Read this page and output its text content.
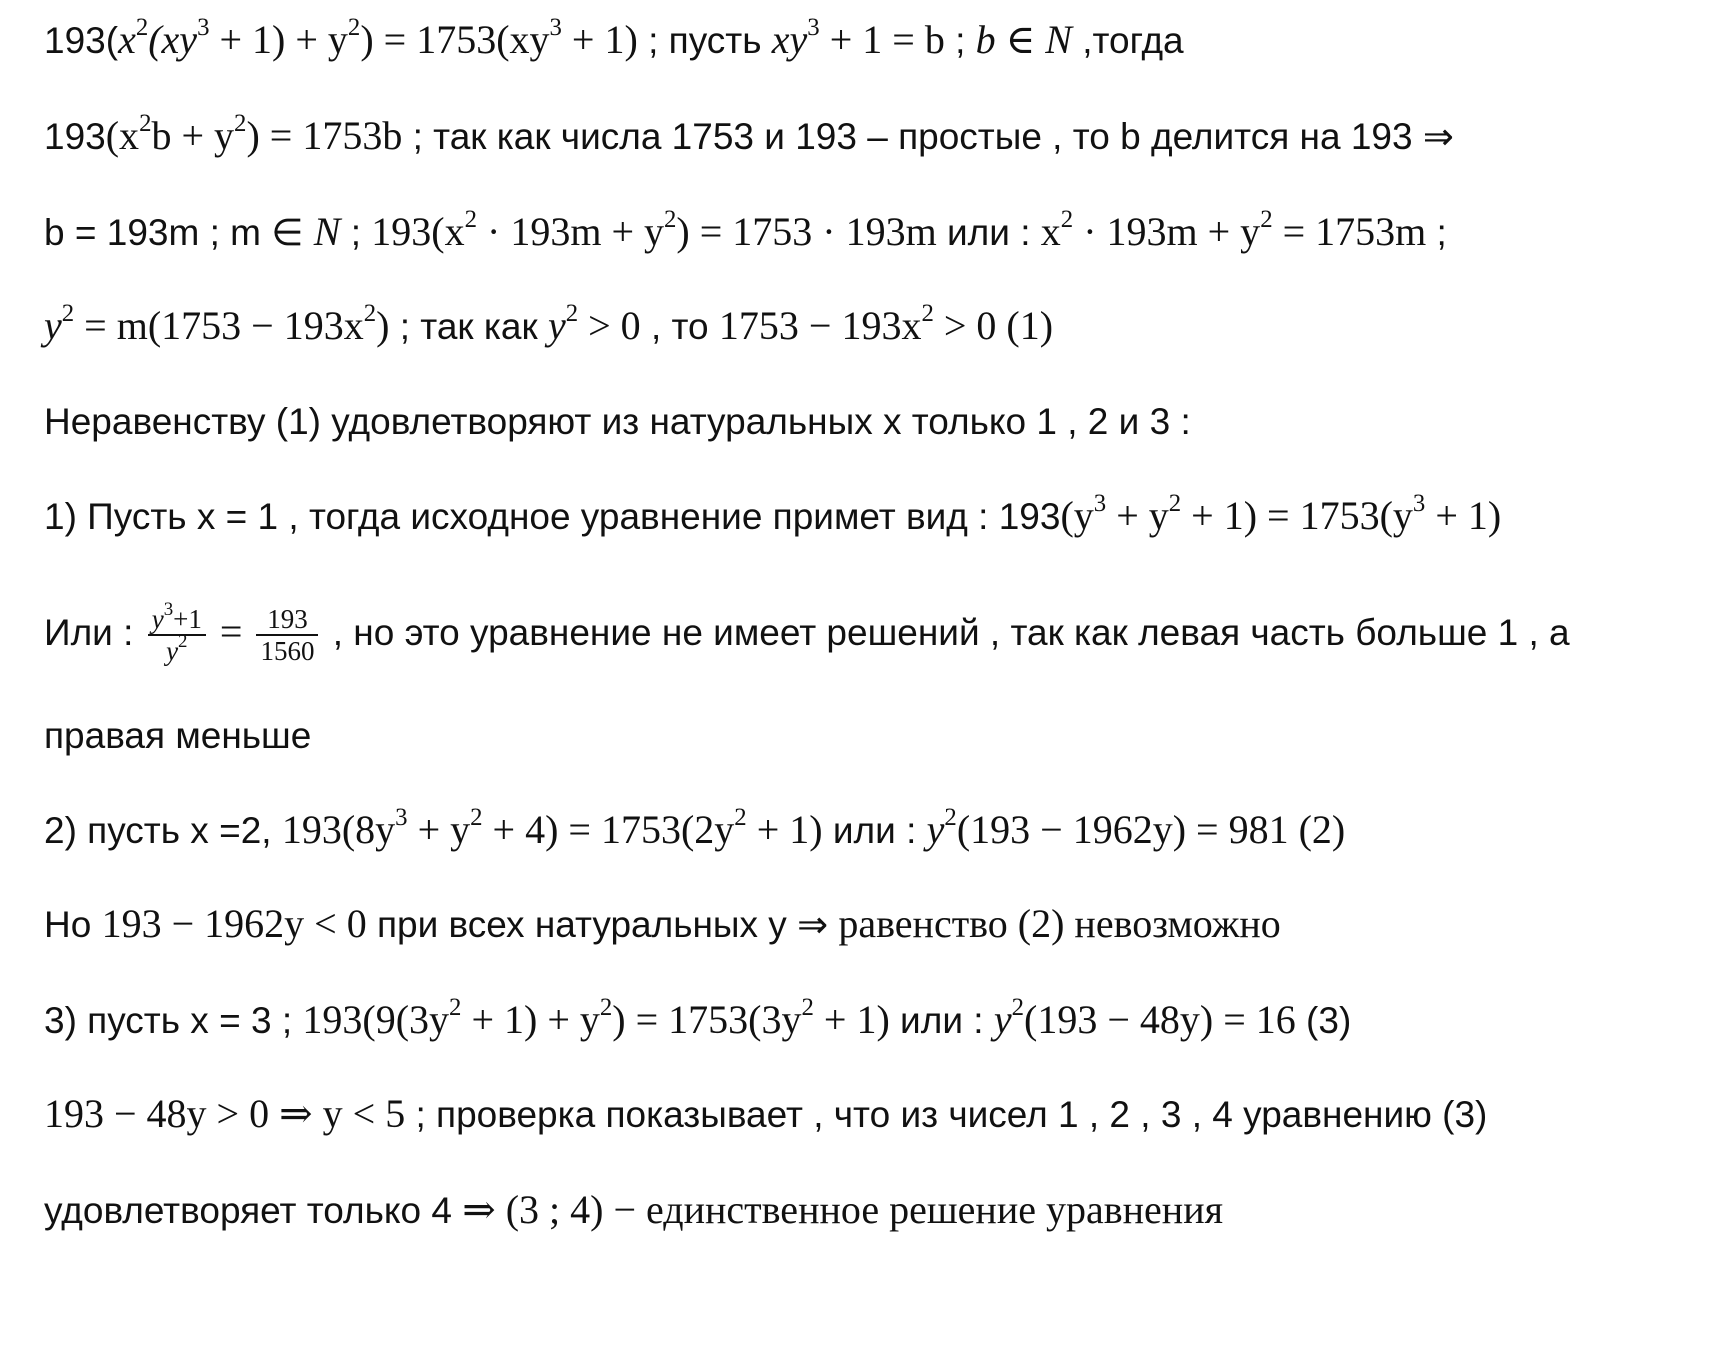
$193(x^2(xy^3 + 1) + y^2) = 1753(xy^3 + 1)$ ; пусть $xy^3 + 1 = b$ ; b ∈ N ,тогда
$193(x^2b + y^2) = 1753b$ ; так как числа 1753 и 193 – простые , то b делится на 193 ⇒
b = 193m ; m ∈ N ; $193(x^2 \cdot 193m + y^2) = 1753 \cdot 193m$ или : $x^2 \cdot 193m + y^2 = 1753m$ ;
$y^2 = m(1753 - 193x^2)$ ; так как $y^2 > 0$ , то $1753 - 193x^2 > 0$ (1)
Неравенству (1) удовлетворяют из натуральных x только 1 , 2 и 3 :
1) Пусть x = 1 , тогда исходное уравнение примет вид : $193(y^3 + y^2 + 1) = 1753(y^3 + 1)$
Или : $\frac{y^3+1}{y^2} = \frac{193}{1560}$ , но это уравнение не имеет решений , так как левая часть больше 1 , а
правая меньше
2) пусть x =2, $193(8y^3 + y^2 + 4) = 1753(2y^2 + 1)$ или : $y^2(193 - 1962y) = 981$ (2)
Но 193 − 1962y < 0 при всех натуральных y ⇒ равенство (2) невозможно
3) пусть x = 3 ; $193(9(3y^2 + 1) + y^2) = 1753(3y^2 + 1)$ или : $y^2(193 - 48y) = 16$ (3)
193 − 48y > 0 ⇒ y < 5 ; проверка показывает , что из чисел 1 , 2 , 3 , 4 уравнению (3)
удовлетворяет только 4 ⇒ (3 ; 4) − единственное решение уравнения
